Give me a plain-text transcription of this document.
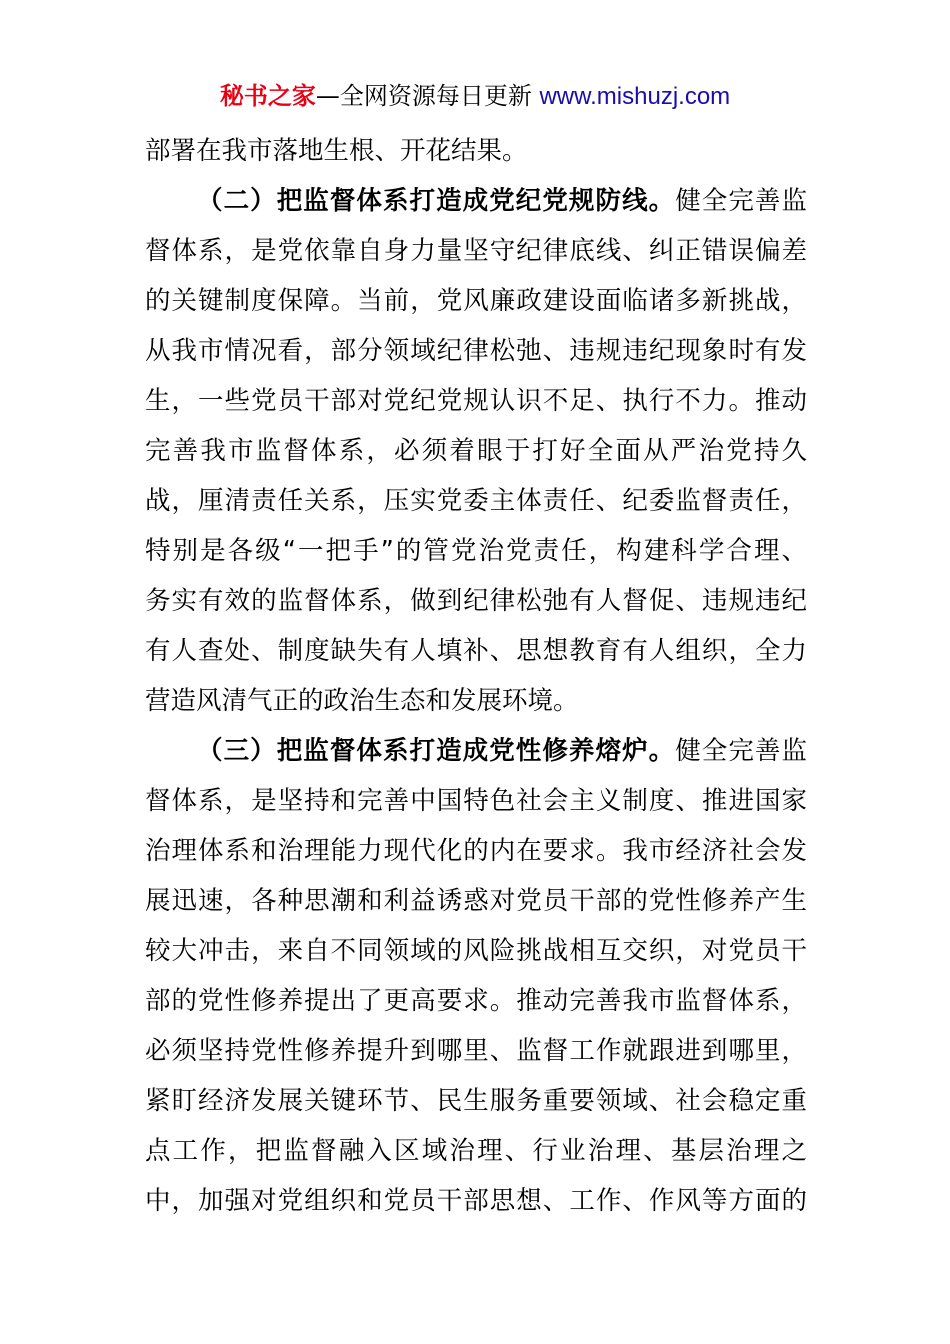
秘书之家—全网资源每日更新 www.mishuzj.com

部署在我市落地生根、开花结果。

（二）把监督体系打造成党纪党规防线。健全完善监
督体系，是党依靠自身力量坚守纪律底线、纠正错误偏差
的关键制度保障。当前，党风廉政建设面临诸多新挑战，
从我市情况看，部分领域纪律松弛、违规违纪现象时有发
生，一些党员干部对党纪党规认识不足、执行不力。推动
完善我市监督体系，必须着眼于打好全面从严治党持久
战，厘清责任关系，压实党委主体责任、纪委监督责任，
特别是各级“一把手”的管党治党责任，构建科学合理、
务实有效的监督体系，做到纪律松弛有人督促、违规违纪
有人查处、制度缺失有人填补、思想教育有人组织，全力
营造风清气正的政治生态和发展环境。

（三）把监督体系打造成党性修养熔炉。健全完善监
督体系，是坚持和完善中国特色社会主义制度、推进国家
治理体系和治理能力现代化的内在要求。我市经济社会发
展迅速，各种思潮和利益诱惑对党员干部的党性修养产生
较大冲击，来自不同领域的风险挑战相互交织，对党员干
部的党性修养提出了更高要求。推动完善我市监督体系，
必须坚持党性修养提升到哪里、监督工作就跟进到哪里，
紧盯经济发展关键环节、民生服务重要领域、社会稳定重
点工作，把监督融入区域治理、行业治理、基层治理之
中，加强对党组织和党员干部思想、工作、作风等方面的
